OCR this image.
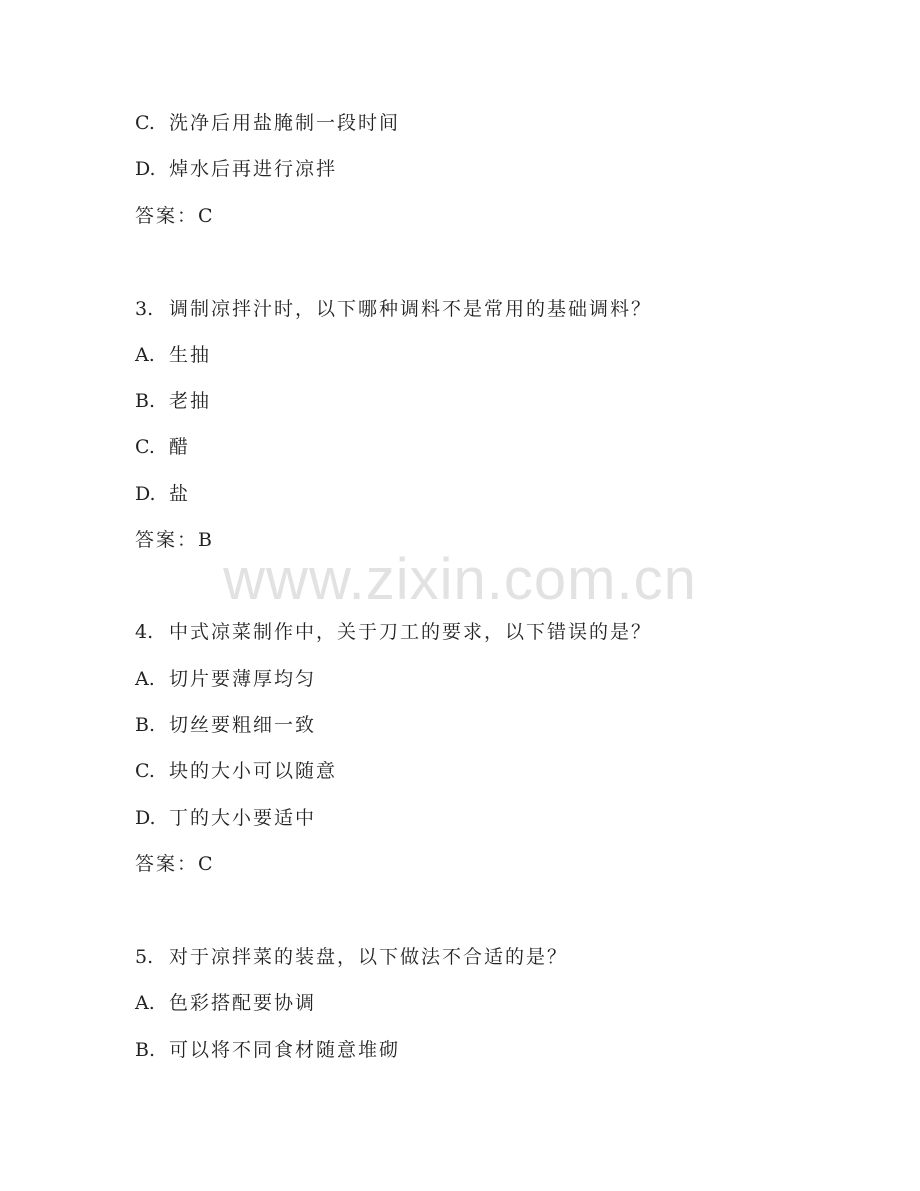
C. 洗净后用盐腌制一段时间
D. 焯水后再进行凉拌
答案：C
3. 调制凉拌汁时，以下哪种调料不是常用的基础调料？
A. 生抽
B. 老抽
C. 醋
D. 盐
答案：B
4. 中式凉菜制作中，关于刀工的要求，以下错误的是？
A. 切片要薄厚均匀
B. 切丝要粗细一致
C. 块的大小可以随意
D. 丁的大小要适中
答案：C
5. 对于凉拌菜的装盘，以下做法不合适的是？
A. 色彩搭配要协调
B. 可以将不同食材随意堆砌
www.zixin.com.cn
